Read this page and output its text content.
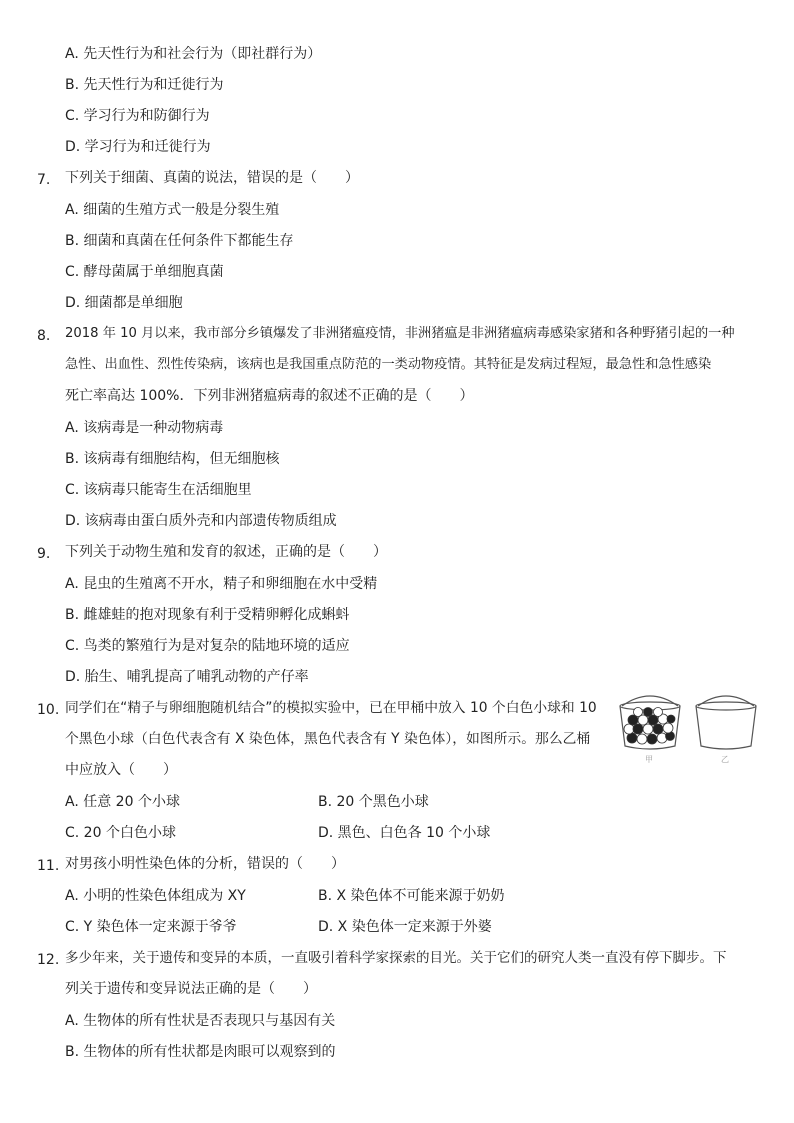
A. 先天性行为和社会行为（即社群行为）
B. 先天性行为和迁徙行为
C. 学习行为和防御行为
D. 学习行为和迁徙行为
7. 下列关于细菌、真菌的说法，错误的是（　　）
A. 细菌的生殖方式一般是分裂生殖
B. 细菌和真菌在任何条件下都能生存
C. 酵母菌属于单细胞真菌
D. 细菌都是单细胞
8. 2018 年 10 月以来，我市部分乡镇爆发了非洲猪瘟疫情，非洲猪瘟是非洲猪瘟病毒感染家猪和各种野猪引起的一种
急性、出血性、烈性传染病，该病也是我国重点防范的一类动物疫情。其特征是发病过程短，最急性和急性感染
死亡率高达 100%．下列非洲猪瘟病毒的叙述不正确的是（　　）
A. 该病毒是一种动物病毒
B. 该病毒有细胞结构，但无细胞核
C. 该病毒只能寄生在活细胞里
D. 该病毒由蛋白质外壳和内部遗传物质组成
9. 下列关于动物生殖和发育的叙述，正确的是（　　）
A. 昆虫的生殖离不开水，精子和卵细胞在水中受精
B. 雌雄蛙的抱对现象有利于受精卵孵化成蝌蚪
C. 鸟类的繁殖行为是对复杂的陆地环境的适应
D. 胎生、哺乳提高了哺乳动物的产仔率
10. 同学们在“精子与卵细胞随机结合”的模拟实验中，已在甲桶中放入 10 个白色小球和 10
个黑色小球（白色代表含有 X 染色体，黑色代表含有 Y 染色体），如图所示。那么乙桶
中应放入（　　）
A. 任意 20 个小球	B. 20 个黑色小球
C. 20 个白色小球	D. 黑色、白色各 10 个小球
甲	乙
11. 对男孩小明性染色体的分析，错误的（　　）
A. 小明的性染色体组成为 XY	B. X 染色体不可能来源于奶奶
C. Y 染色体一定来源于爷爷	D. X 染色体一定来源于外婆
12. 多少年来，关于遗传和变异的本质，一直吸引着科学家探索的目光。关于它们的研究人类一直没有停下脚步。下
列关于遗传和变异说法正确的是（　　）
A. 生物体的所有性状是否表现只与基因有关
B. 生物体的所有性状都是肉眼可以观察到的
